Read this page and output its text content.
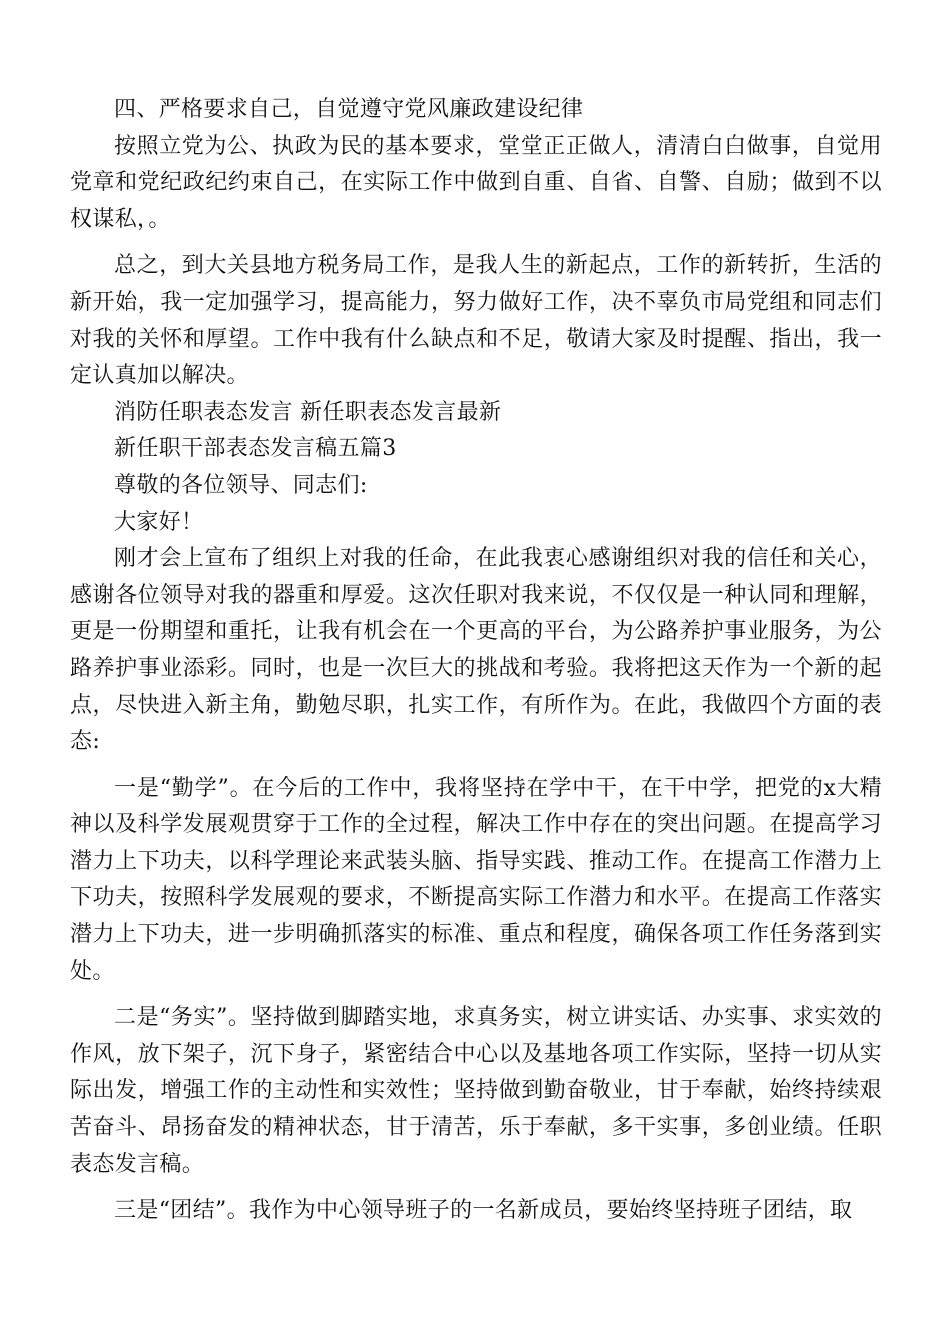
四、严格要求自己，自觉遵守党风廉政建设纪律

按照立党为公、执政为民的基本要求，堂堂正正做人，清清白白做事，自觉用党章和党纪政纪约束自己，在实际工作中做到自重、自省、自警、自励；做到不以权谋私，。

总之，到大关县地方税务局工作，是我人生的新起点，工作的新转折，生活的新开始，我一定加强学习，提高能力，努力做好工作，决不辜负市局党组和同志们对我的关怀和厚望。工作中我有什么缺点和不足，敬请大家及时提醒、指出，我一定认真加以解决。

消防任职表态发言 新任职表态发言最新

新任职干部表态发言稿五篇3

尊敬的各位领导、同志们:

大家好！

刚才会上宣布了组织上对我的任命，在此我衷心感谢组织对我的信任和关心，感谢各位领导对我的器重和厚爱。这次任职对我来说，不仅仅是一种认同和理解，更是一份期望和重托，让我有机会在一个更高的平台，为公路养护事业服务，为公路养护事业添彩。同时，也是一次巨大的挑战和考验。我将把这天作为一个新的起点，尽快进入新主角，勤勉尽职，扎实工作，有所作为。在此，我做四个方面的表态:

一是“勤学”。在今后的工作中，我将坚持在学中干，在干中学，把党的x大精神以及科学发展观贯穿于工作的全过程，解决工作中存在的突出问题。在提高学习潜力上下功夫，以科学理论来武装头脑、指导实践、推动工作。在提高工作潜力上下功夫，按照科学发展观的要求，不断提高实际工作潜力和水平。在提高工作落实潜力上下功夫，进一步明确抓落实的标准、重点和程度，确保各项工作任务落到实处。

二是“务实”。坚持做到脚踏实地，求真务实，树立讲实话、办实事、求实效的作风，放下架子，沉下身子，紧密结合中心以及基地各项工作实际，坚持一切从实际出发，增强工作的主动性和实效性；坚持做到勤奋敬业，甘于奉献，始终持续艰苦奋斗、昂扬奋发的精神状态，甘于清苦，乐于奉献，多干实事，多创业绩。任职表态发言稿。

三是“团结”。我作为中心领导班子的一名新成员，要始终坚持班子团结，取
